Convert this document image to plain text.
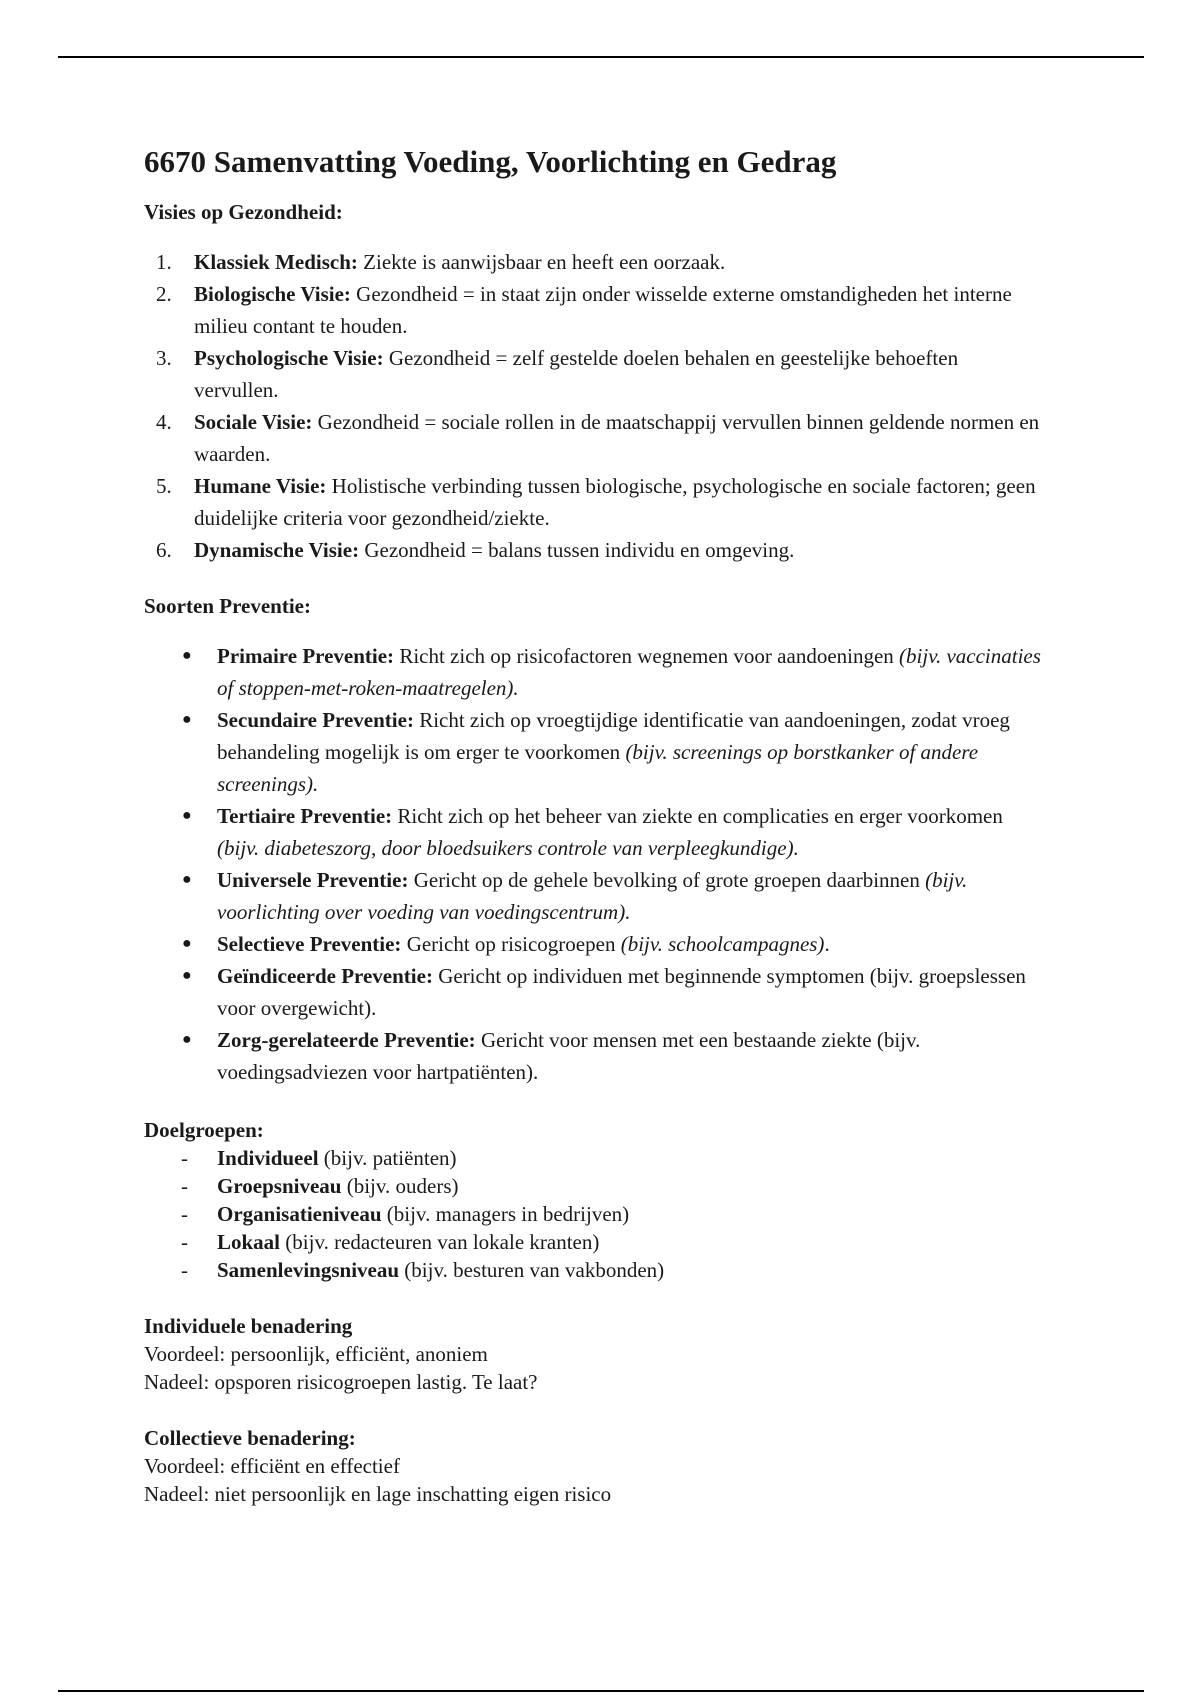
6670 Samenvatting Voeding, Voorlichting en Gedrag
Visies op Gezondheid:
1. Klassiek Medisch: Ziekte is aanwijsbaar en heeft een oorzaak.
2. Biologische Visie: Gezondheid = in staat zijn onder wisselde externe omstandigheden het interne milieu contant te houden.
3. Psychologische Visie: Gezondheid = zelf gestelde doelen behalen en geestelijke behoeften vervullen.
4. Sociale Visie: Gezondheid = sociale rollen in de maatschappij vervullen binnen geldende normen en waarden.
5. Humane Visie: Holistische verbinding tussen biologische, psychologische en sociale factoren; geen duidelijke criteria voor gezondheid/ziekte.
6. Dynamische Visie: Gezondheid = balans tussen individu en omgeving.
Soorten Preventie:
● Primaire Preventie: Richt zich op risicofactoren wegnemen voor aandoeningen (bijv. vaccinaties of stoppen-met-roken-maatregelen).
● Secundaire Preventie: Richt zich op vroegtijdige identificatie van aandoeningen, zodat vroeg behandeling mogelijk is om erger te voorkomen (bijv. screenings op borstkanker of andere screenings).
● Tertiaire Preventie: Richt zich op het beheer van ziekte en complicaties en erger voorkomen (bijv. diabeteszorg, door bloedsuikers controle van verpleegkundige).
● Universele Preventie: Gericht op de gehele bevolking of grote groepen daarbinnen (bijv. voorlichting over voeding van voedingscentrum).
● Selectieve Preventie: Gericht op risicogroepen (bijv. schoolcampagnes).
● Geïndiceerde Preventie: Gericht op individuen met beginnende symptomen (bijv. groepslessen voor overgewicht).
● Zorg-gerelateerde Preventie: Gericht voor mensen met een bestaande ziekte (bijv. voedingsadviezen voor hartpatiënten).
Doelgroepen:
- Individueel (bijv. patiënten)
- Groepsniveau (bijv. ouders)
- Organisatieniveau (bijv. managers in bedrijven)
- Lokaal (bijv. redacteuren van lokale kranten)
- Samenlevingsniveau (bijv. besturen van vakbonden)
Individuele benadering
Voordeel: persoonlijk, efficiënt, anoniem
Nadeel: opsporen risicogroepen lastig. Te laat?
Collectieve benadering:
Voordeel: efficiënt en effectief
Nadeel: niet persoonlijk en lage inschatting eigen risico
